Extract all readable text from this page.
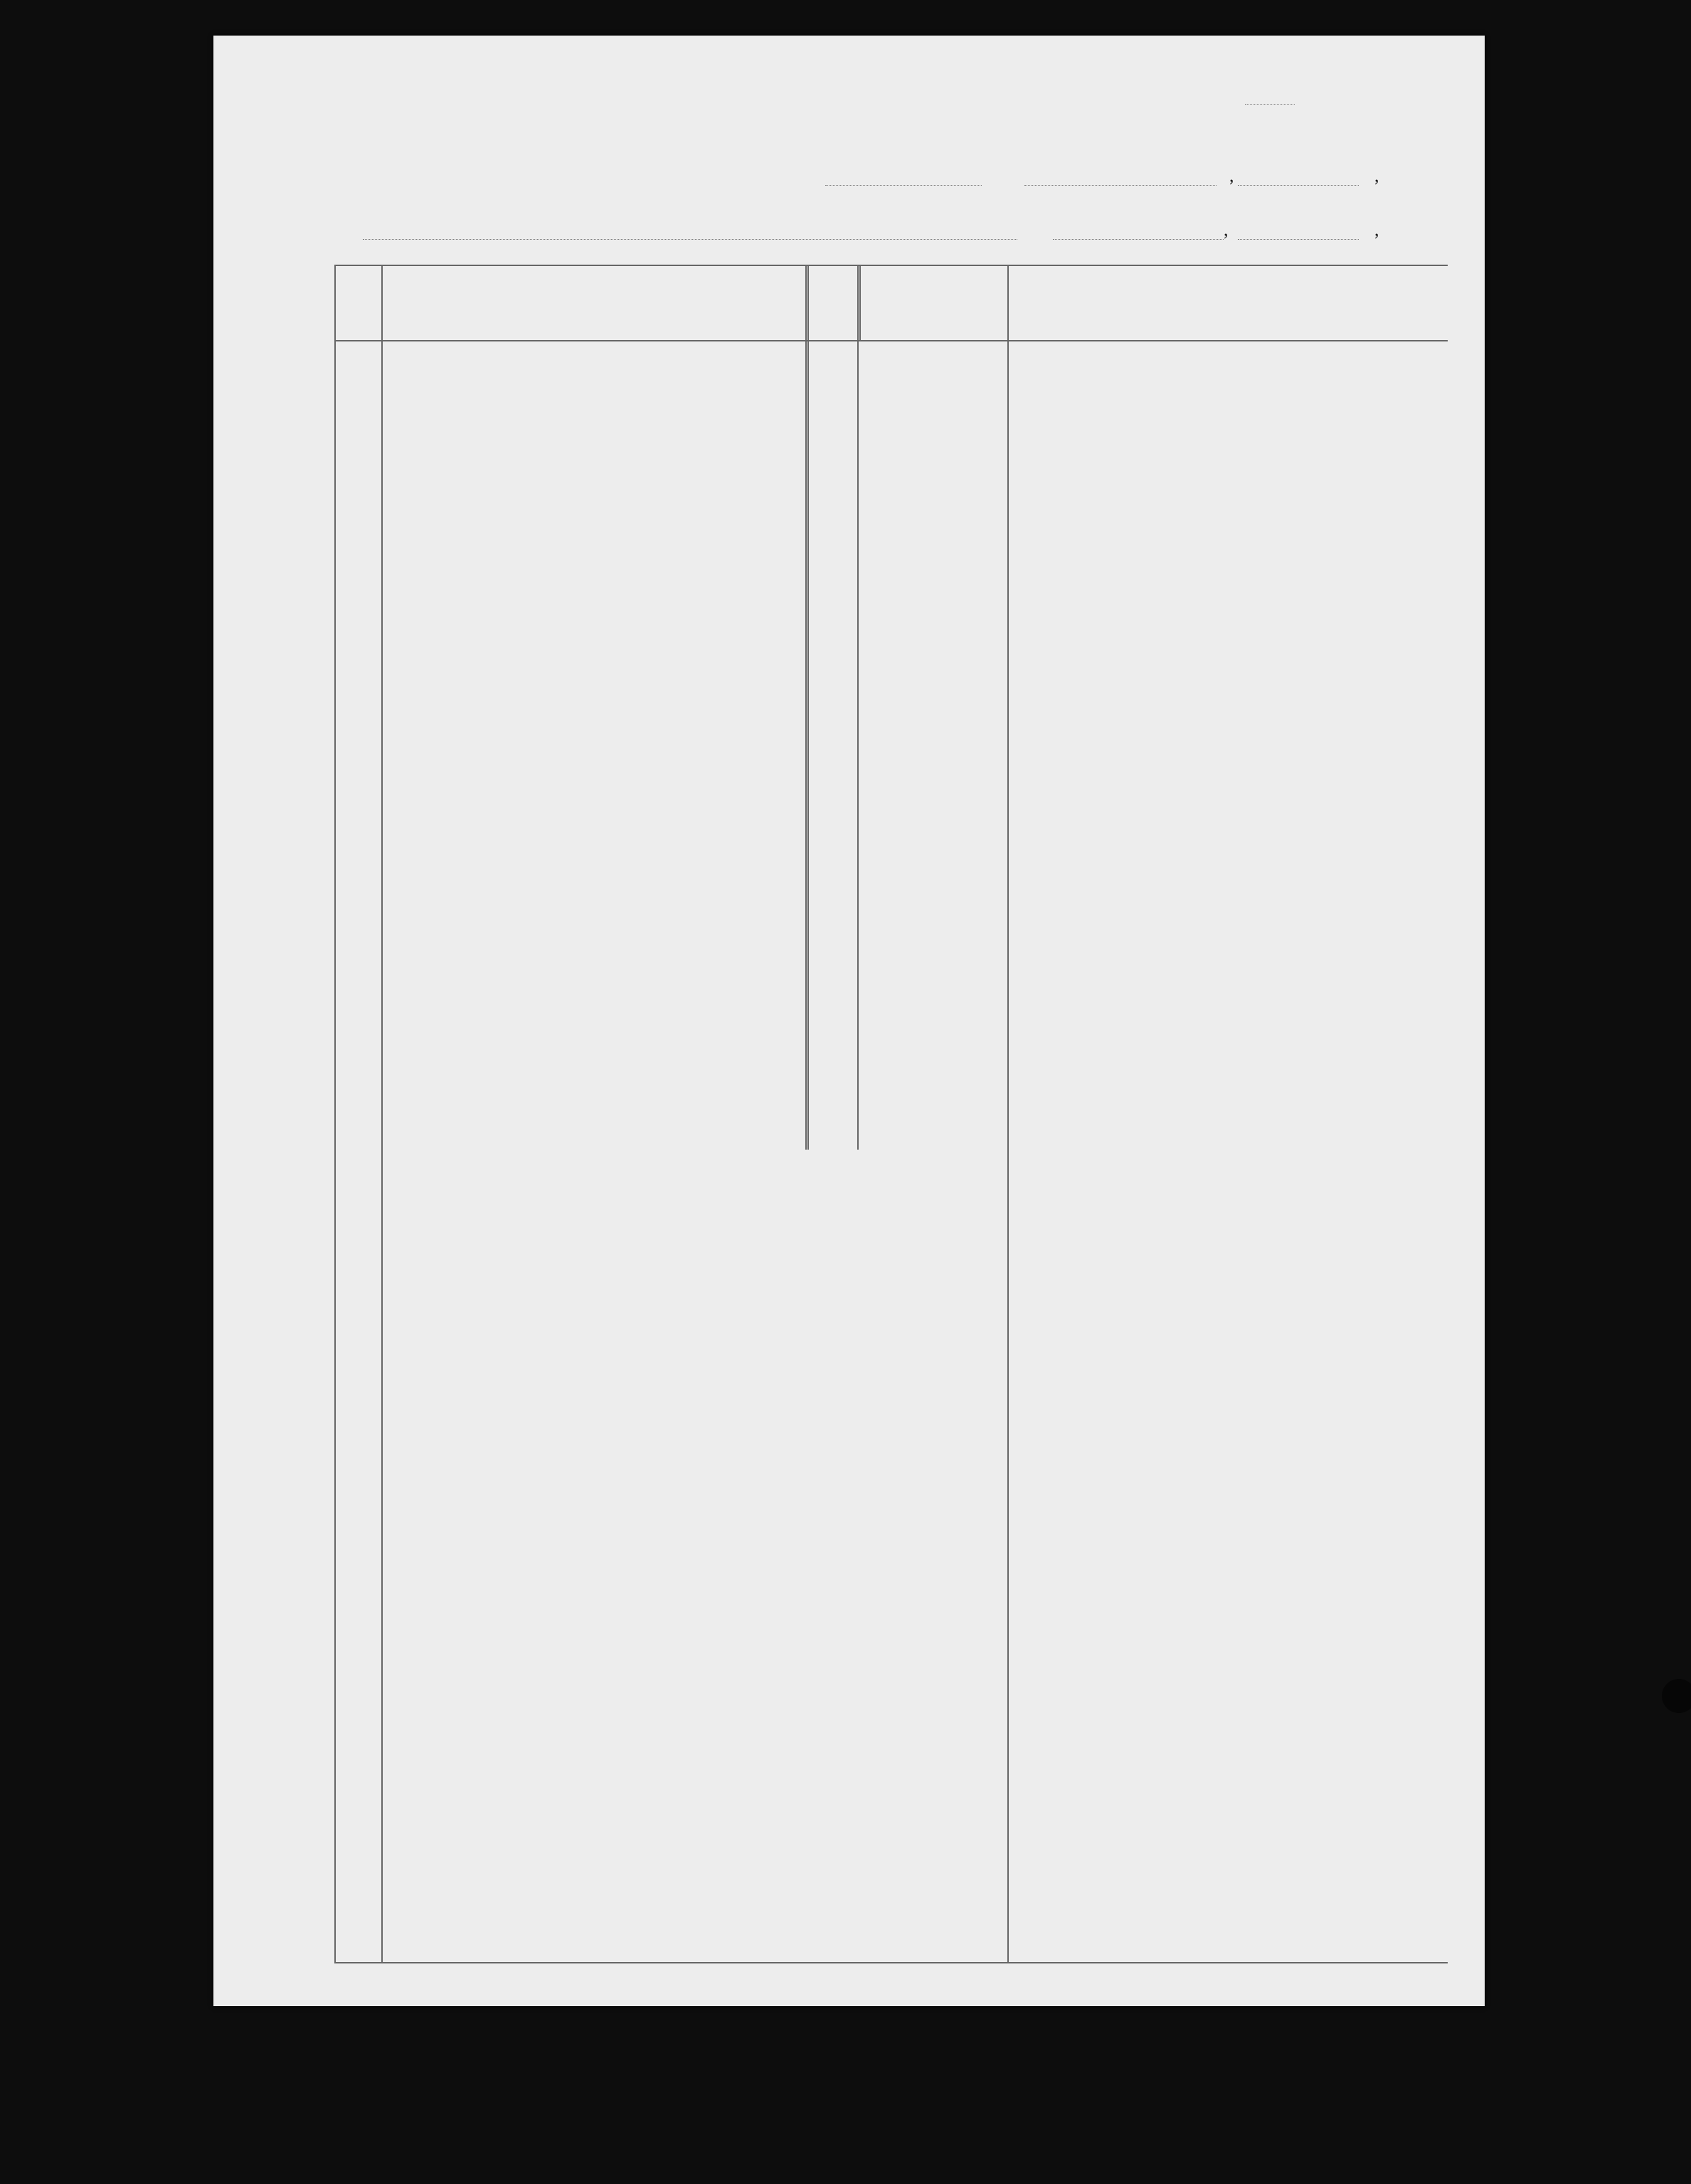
,	,
,	,
